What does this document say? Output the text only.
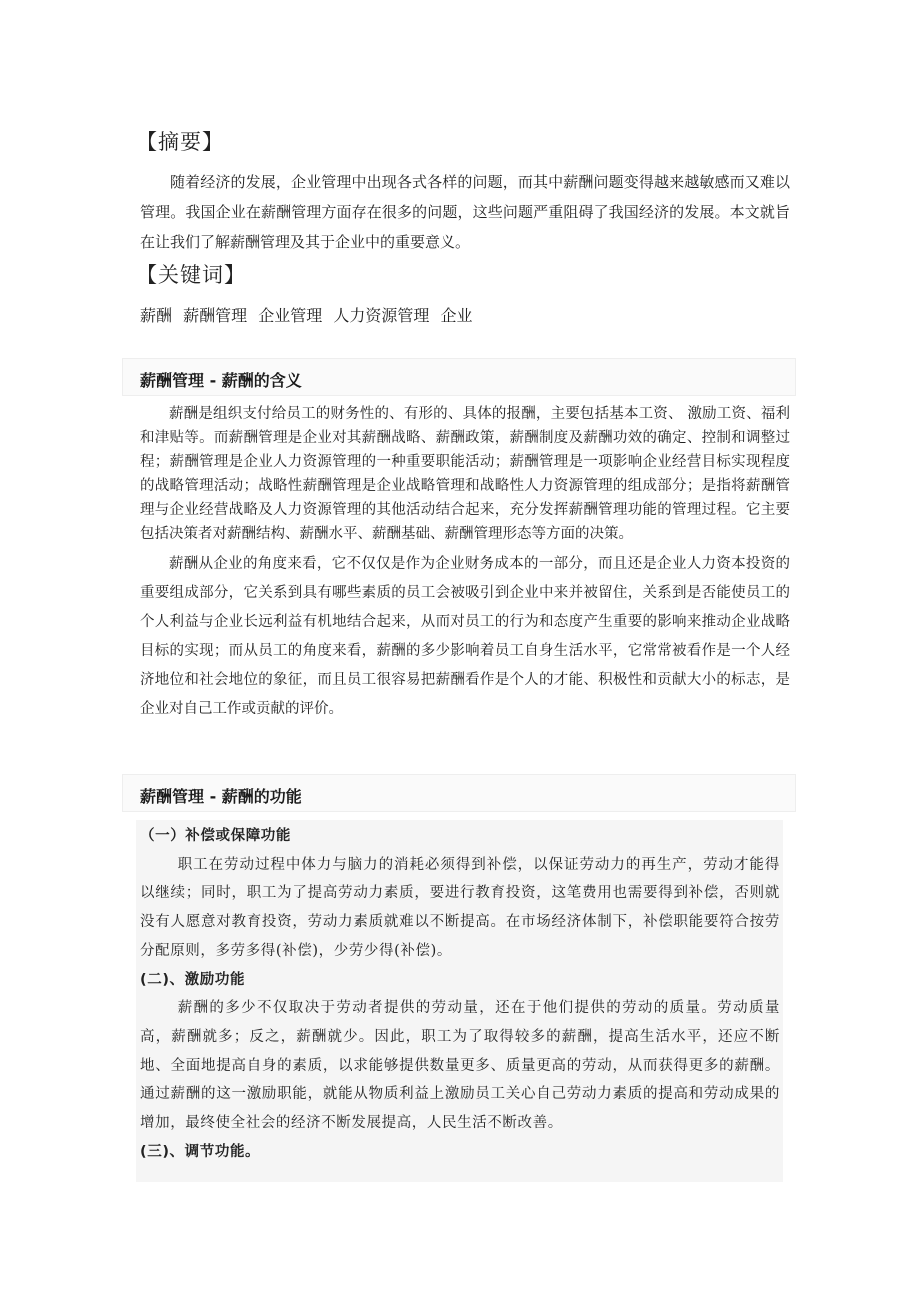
【摘要】

随着经济的发展，企业管理中出现各式各样的问题，而其中薪酬问题变得越来越敏感而又难以管理。我国企业在薪酬管理方面存在很多的问题，这些问题严重阻碍了我国经济的发展。本文就旨在让我们了解薪酬管理及其于企业中的重要意义。

【关键词】
薪酬 薪酬管理 企业管理 人力资源管理 企业
薪酬管理 - 薪酬的含义

薪酬是组织支付给员工的财务性的、有形的、具体的报酬，主要包括基本工资、 激励工资、福利和津贴等。而薪酬管理是企业对其薪酬战略、薪酬政策，薪酬制度及薪酬功效的确定、控制和调整过程；薪酬管理是企业人力资源管理的一种重要职能活动；薪酬管理是一项影响企业经营目标实现程度的战略管理活动；战略性薪酬管理是企业战略管理和战略性人力资源管理的组成部分；是指将薪酬管理与企业经营战略及人力资源管理的其他活动结合起来，充分发挥薪酬管理功能的管理过程。它主要包括决策者对薪酬结构、薪酬水平、薪酬基础、薪酬管理形态等方面的决策。

薪酬从企业的角度来看，它不仅仅是作为企业财务成本的一部分，而且还是企业人力资本投资的重要组成部分，它关系到具有哪些素质的员工会被吸引到企业中来并被留住，关系到是否能使员工的个人利益与企业长远利益有机地结合起来，从而对员工的行为和态度产生重要的影响来推动企业战略目标的实现；而从员工的角度来看，薪酬的多少影响着员工自身生活水平，它常常被看作是一个人经济地位和社会地位的象征，而且员工很容易把薪酬看作是个人的才能、积极性和贡献大小的标志，是企业对自己工作或贡献的评价。

薪酬管理 - 薪酬的功能
（一）补偿或保障功能

职工在劳动过程中体力与脑力的消耗必须得到补偿，以保证劳动力的再生产，劳动才能得以继续；同时，职工为了提高劳动力素质，要进行教育投资，这笔费用也需要得到补偿，否则就没有人愿意对教育投资，劳动力素质就难以不断提高。在市场经济体制下，补偿职能要符合按劳分配原则，多劳多得(补偿)，少劳少得(补偿)。

(二)、激励功能

薪酬的多少不仅取决于劳动者提供的劳动量，还在于他们提供的劳动的质量。劳动质量高，薪酬就多；反之，薪酬就少。因此，职工为了取得较多的薪酬，提高生活水平，还应不断地、全面地提高自身的素质，以求能够提供数量更多、质量更高的劳动，从而获得更多的薪酬。通过薪酬的这一激励职能，就能从物质利益上激励员工关心自己劳动力素质的提高和劳动成果的增加，最终使全社会的经济不断发展提高，人民生活不断改善。

(三)、调节功能。
